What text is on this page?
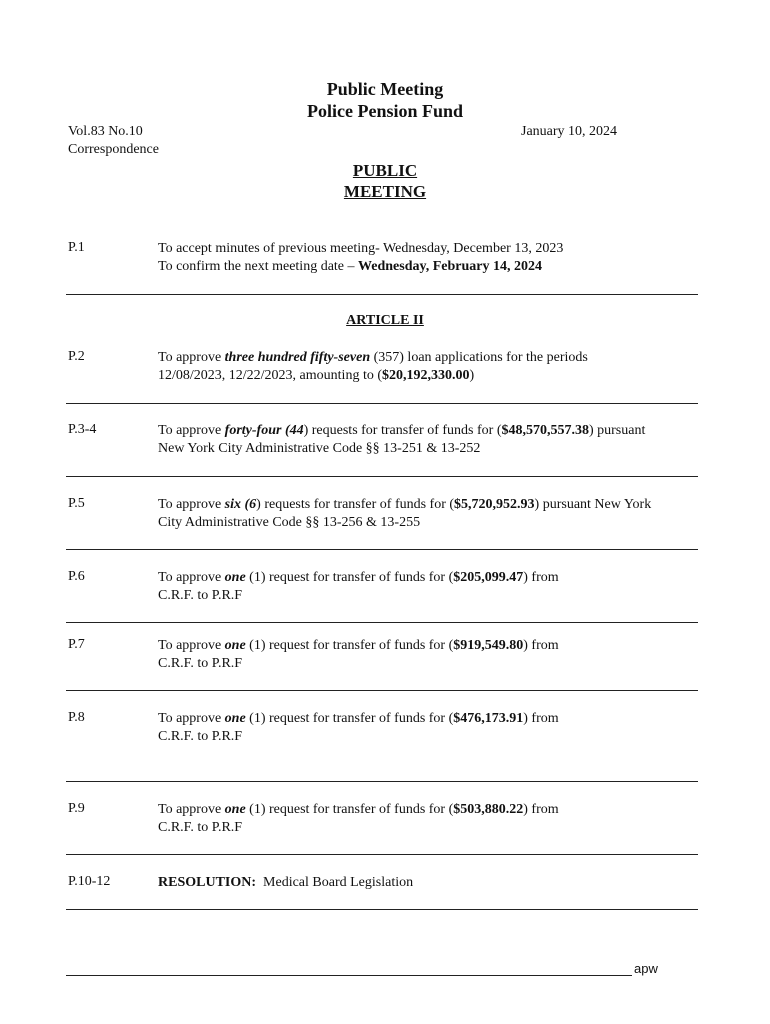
Public Meeting
Police Pension Fund
Vol.83 No.10	January 10, 2024
Correspondence
PUBLIC
MEETING
P.1	To accept minutes of previous meeting- Wednesday, December 13, 2023
To confirm the next meeting date – Wednesday, February 14, 2024
ARTICLE II
P.2	To approve three hundred fifty-seven (357) loan applications for the periods
12/08/2023, 12/22/2023, amounting to ($20,192,330.00)
P.3-4	To approve forty-four (44) requests for transfer of funds for ($48,570,557.38) pursuant
New York City Administrative Code §§ 13-251 & 13-252
P.5	To approve six (6) requests for transfer of funds for ($5,720,952.93) pursuant New York
City Administrative Code §§ 13-256 & 13-255
P.6	To approve one (1) request for transfer of funds for ($205,099.47) from
C.R.F. to P.R.F
P.7	To approve one (1) request for transfer of funds for ($919,549.80) from
C.R.F. to P.R.F
P.8	To approve one (1) request for transfer of funds for ($476,173.91) from
C.R.F. to P.R.F
P.9	To approve one (1) request for transfer of funds for ($503,880.22) from
C.R.F. to P.R.F
P.10-12	RESOLUTION:  Medical Board Legislation
apw
